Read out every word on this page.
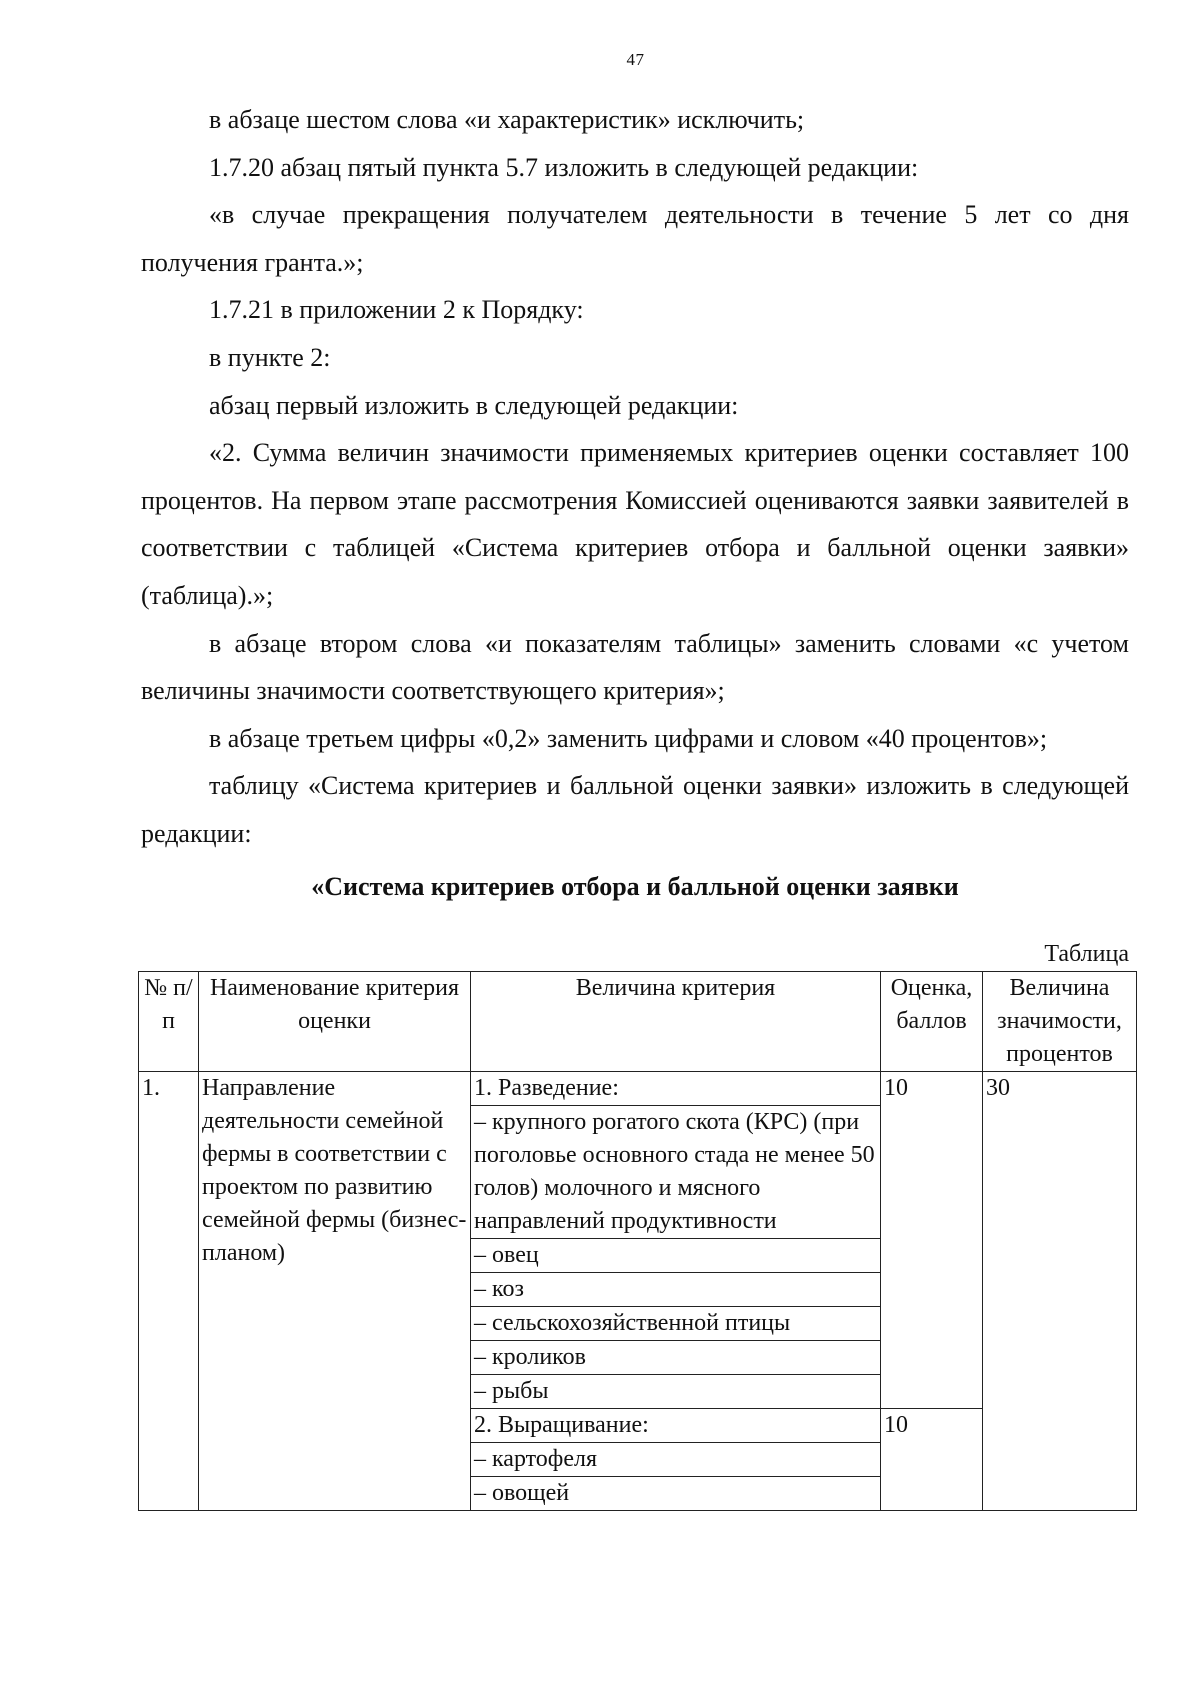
47

в абзаце шестом слова «и характеристик» исключить;

1.7.20 абзац пятый пункта 5.7 изложить в следующей редакции:

«в случае прекращения получателем деятельности в течение 5 лет со дня получения гранта.»;

1.7.21 в приложении 2 к Порядку:

в пункте 2:

абзац первый изложить в следующей редакции:

«2. Сумма величин значимости применяемых критериев оценки составляет 100 процентов. На первом этапе рассмотрения Комиссией оцениваются заявки заявителей в соответствии с таблицей «Система критериев отбора и балльной оценки заявки» (таблица).»;

в абзаце втором слова «и показателям таблицы» заменить словами «с учетом величины значимости соответствующего критерия»;

в абзаце третьем цифры «0,2» заменить цифрами и словом «40 процентов»;

таблицу «Система критериев и балльной оценки заявки» изложить в следующей редакции:

«Система критериев отбора и балльной оценки заявки
Таблица
№ п/п	Наименование критерия оценки	Величина критерия	Оценка, баллов	Величина значимости, процентов
1.	Направление деятельности семейной фермы в соответствии с проектом по развитию семейной фермы (бизнес-планом)	1. Разведение:	10	30
		– крупного рогатого скота (КРС) (при поголовье основного стада не менее 50 голов) молочного и мясного направлений продуктивности		
		– овец		
		– коз		
		– сельскохозяйственной птицы		
		– кроликов		
		– рыбы		
		2. Выращивание:	10	
		– картофеля		
		– овощей		
